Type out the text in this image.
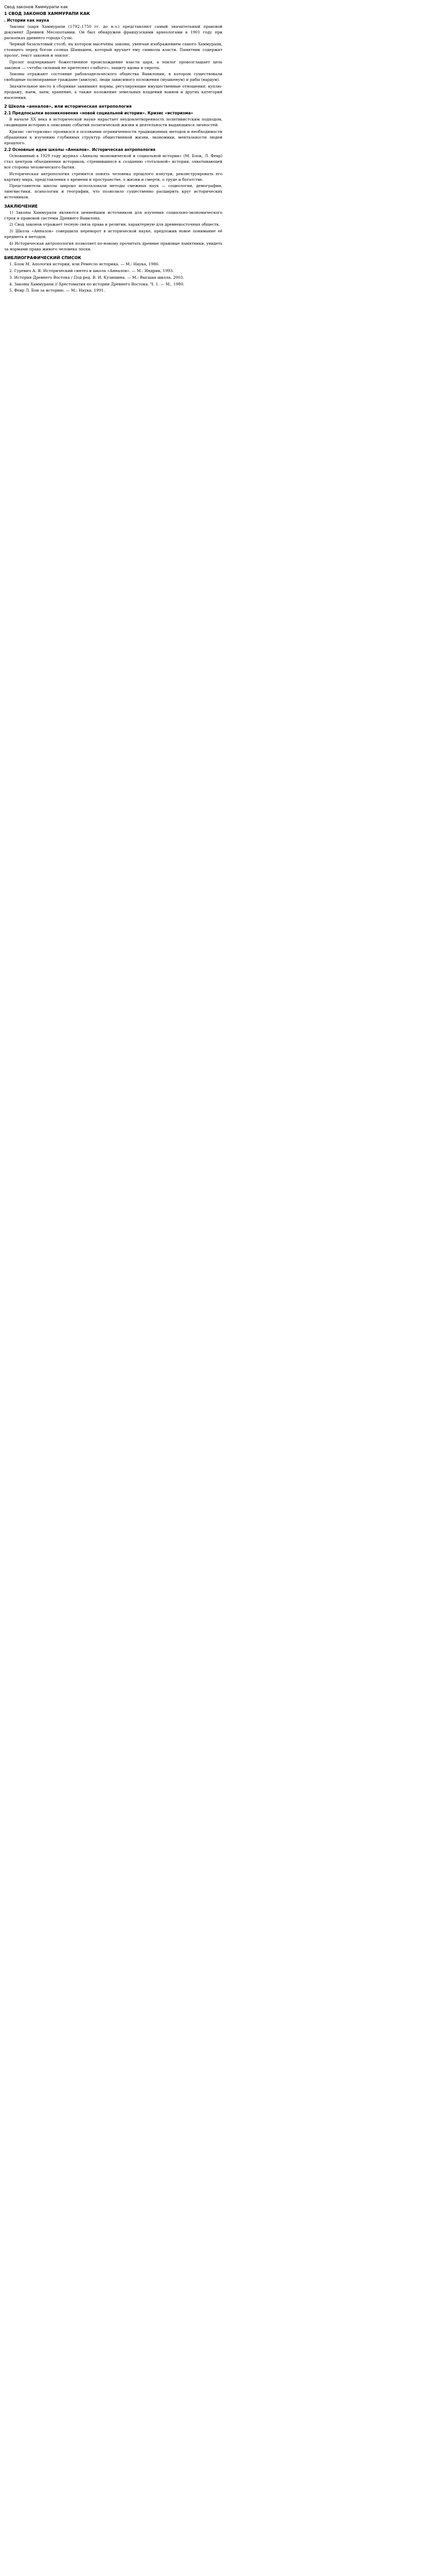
Свод законов Хаммурапи как
1 СВОД ЗАКОНОВ ХАММУРАПИ КАК
. Истории как наука

Законы (царя Хаммурапи (1792–1750 гг. до н.э.) представляют самый значительный правовой документ Древней Месопотамии. Он был обнаружен французскими археологами в 1901 году при раскопках древнего города Сузы.

Черный базальтовый столб, на котором высечены законы, увенчан изображением самого Хаммурапи, стоящего перед богом солнца Шамашем, который вручает ему символы власти. Памятник содержит пролог, текст законов и эпилог.

Пролог подчеркивает божественное происхождение власти царя, а эпилог провозглашает цель законов — «чтобы сильный не притеснял слабого», защиту вдовы и сироты.

Законы отражают состояние рабовладельческого общества Вавилонии, в котором существовали свободные полноправные граждане (авилум), люди зависимого положения (мушкенум) и рабы (вардум).

Значительное место в сборнике занимают нормы, регулирующие имущественные отношения: куплю-продажу, наем, заем, хранение, а также положение земельных владений воинов и других категорий населения.

2 Школа «анналов», или историческая антропология
2.1 Предпосылки возникновения «новой социальной истории». Кризис «историзма»

В начале XX века в исторической науке нарастает неудовлетворенность позитивистским подходом, сводившим историю к описанию событий политической жизни и деятельности выдающихся личностей.

Кризис «историзма» проявился в осознании ограниченности традиционных методов и необходимости обращения к изучению глубинных структур общественной жизни, экономики, ментальности людей прошлого.

2.2 Основные идеи школы «Анналов». Историческая антропология

Основанный в 1929 году журнал «Анналы экономической и социальной истории» (М. Блок, Л. Февр) стал центром объединения историков, стремившихся к созданию «тотальной» истории, охватывающей все стороны человеческого бытия.

Историческая антропология стремится понять человека прошлого изнутри, реконструировать его картину мира, представления о времени и пространстве, о жизни и смерти, о труде и богатстве.

Представители школы широко использовали методы смежных наук — социологии, демографии, лингвистики, психологии и географии, что позволило существенно расширить круг исторических источников.

ЗАКЛЮЧЕНИЕ

1) Законы Хаммурапи являются ценнейшим источником для изучения социально-экономического строя и правовой системы Древнего Вавилона.

2) Свод законов отражает тесную связь права и религии, характерную для древневосточных обществ.

3) Школа «Анналов» совершила переворот в исторической науке, предложив новое понимание её предмета и методов.

4) Историческая антропология позволяет по-новому прочитать древние правовые памятники, увидеть за нормами права живого человека эпохи.

БИБЛИОГРАФИЧЕСКИЙ СПИСОК

1. Блок М. Апология истории, или Ремесло историка. — М.: Наука, 1986.

2. Гуревич А. Я. Исторический синтез и школа «Анналов». — М.: Индрик, 1993.

3. История Древнего Востока / Под ред. В. И. Кузищина. — М.: Высшая школа, 2003.

4. Законы Хаммурапи // Хрестоматия по истории Древнего Востока. Ч. 1. — М., 1980.

5. Февр Л. Бои за историю. — М.: Наука, 1991.
